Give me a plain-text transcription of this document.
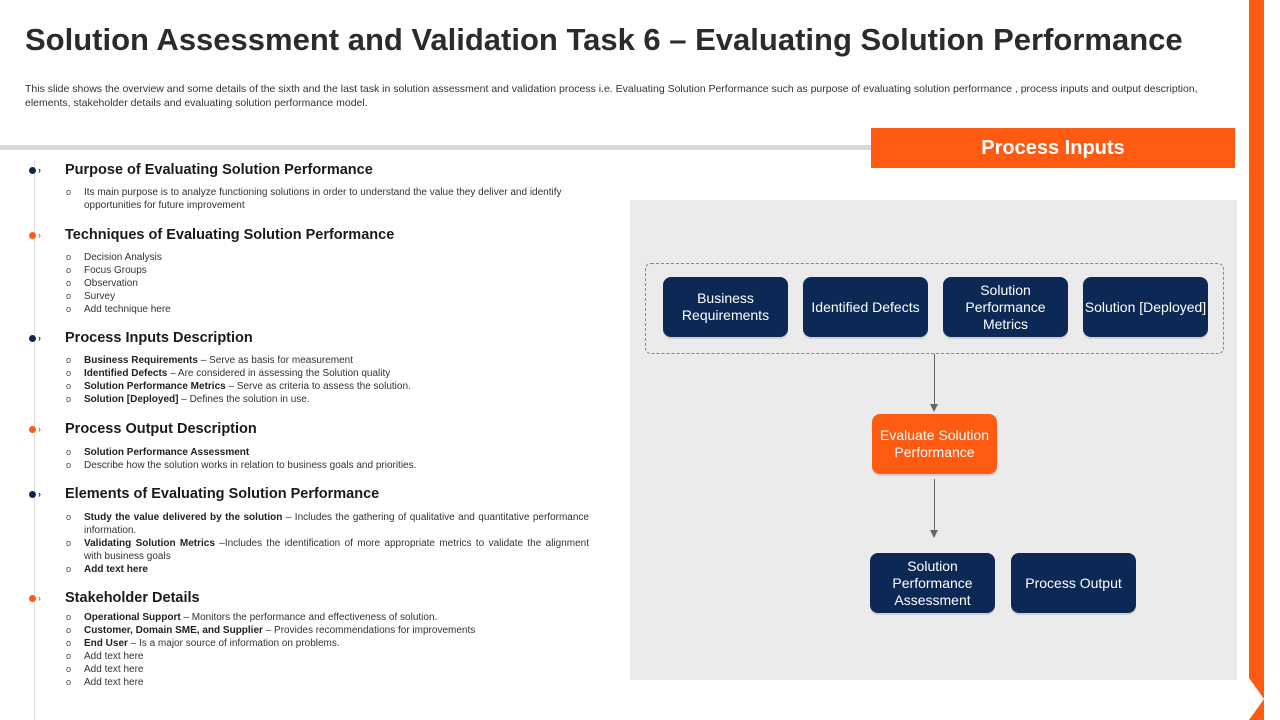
Solution Assessment and Validation Task 6 – Evaluating Solution Performance

This slide shows the overview and some details of the sixth and the last task in solution assessment and validation process i.e. Evaluating Solution Performance such as purpose of evaluating solution performance , process inputs and output description, elements, stakeholder details and evaluating solution performance model.

Process Inputs
› Purpose of Evaluating Solution Performance
o Its main purpose is to analyze functioning solutions in order to understand the value they deliver and identify opportunities for future improvement
› Techniques of Evaluating Solution Performance
o Decision Analysis
o Focus Groups
o Observation
o Survey
o Add technique here
› Process Inputs Description
o Business Requirements – Serve as basis for measurement
o Identified Defects – Are considered in assessing the Solution quality
o Solution Performance Metrics – Serve as criteria to assess the solution.
o Solution [Deployed] – Defines the solution in use.
› Process Output Description
o Solution Performance Assessment
o Describe how the solution works in relation to business goals and priorities.
› Elements of Evaluating Solution Performance
o Study the value delivered by the solution – Includes the gathering of qualitative and quantitative performance information.
o Validating Solution Metrics –Includes the identification of more appropriate metrics to validate the alignment with business goals
o Add text here
› Stakeholder Details
o Operational Support – Monitors the performance and effectiveness of solution.
o Customer, Domain SME, and Supplier – Provides recommendations for improvements
o End User – Is a major source of information on problems.
o Add text here
o Add text here
o Add text here
Business Requirements
Identified Defects
Solution Performance Metrics
Solution [Deployed]
Evaluate Solution Performance
Solution Performance Assessment
Process Output
